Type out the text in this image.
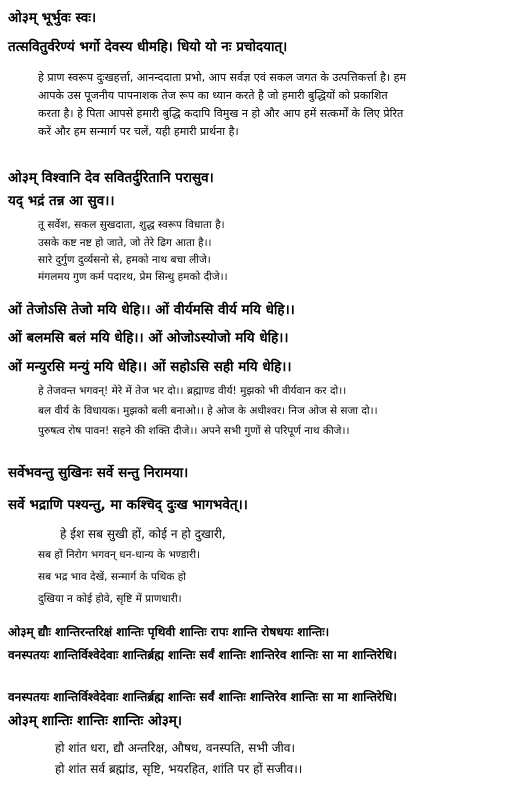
ओ३म् भूर्भुवः स्वः।
तत्सवितुर्वरेण्यं भर्गो देवस्य धीमहि। धियो यो नः प्रचोदयात्।
हे प्राण स्वरूप दुःखहर्त्ता, आनन्ददाता प्रभो, आप सर्वज्ञ एवं सकल जगत के उत्पत्तिकर्त्ता है। हम
आपके उस पूजनीय पापनाशक तेज रूप का ध्यान करते है जो हमारी बुद्धियों को प्रकाशित
करता है। हे पिता आपसे हमारी बुद्धि कदापि विमुख न हो और आप हमें सत्कर्मों के लिए प्रेरित
करें और हम सन्मार्ग पर चलें, यही हमारी प्रार्थना है।
ओ३म् विश्वानि देव सवितर्दुरितानि परासुव।
यद् भद्रं तन्न आ सुव।।
तू सर्वेश, सकल सुखदाता, शुद्ध स्वरूप विधाता है।
उसके कष्ट नष्ट हो जाते, जो तेरे ढिग आता है।।
सारे दुर्गुण दुर्व्यसनो से, हमको नाथ बचा लीजे।
मंगलमय गुण कर्म पदारथ, प्रेम सिन्धु हमको दीजे।।
ओं तेजोऽसि तेजो मयि धेहि।। ओं वीर्यमसि वीर्य मयि धेहि।।
ओं बलमसि बलं मयि धेहि।। ओं ओजोऽस्योजो मयि धेहि।।
ओं मन्युरसि मन्युं मयि धेहि।। ओं सहोऽसि सही मयि धेहि।।
हे तेजवन्त भगवन्! मेरे में तेज भर दो।। ब्रह्माण्ड वीर्य! मुझको भी वीर्यवान कर दो।।
बल वीर्य के विधायक। मुझको बली बनाओ।। हे ओज के अधीश्वर। निज ओज से सजा दो।।
पुरुषत्व रोष पावन! सहने की शक्ति दीजे।। अपने सभी गुणों से परिपूर्ण नाथ कीजे।।
सर्वेभवन्तु सुखिनः सर्वे सन्तु निरामया।
सर्वे भद्राणि पश्यन्तु, मा कश्चिद् दुःख भागभवेत्।।
हे ईश सब सुखी हों, कोई न हो दुखारी,
सब हों निरोग भगवन् धन-धान्य के भण्डारी।
सब भद्र भाव देखें, सन्मार्ग के पथिक हो
दुखिया न कोई होवे, सृष्टि में प्राणधारी।
ओ३म् द्यौः शान्तिरन्तरिक्षं शान्तिः पृथिवी शान्तिः रापः शान्ति रोषधयः शान्तिः।
वनस्पतयः शान्तिर्विश्वेदेवाः शान्तिर्ब्रह्म शान्तिः सर्वं शान्तिः शान्तिरेव शान्तिः सा मा शान्तिरेधि।
वनस्पतयः शान्तिर्विश्वेदेवाः शान्तिर्ब्रह्म शान्तिः सर्वं शान्तिः शान्तिरेव शान्तिः सा मा शान्तिरेधि।
ओ३म् शान्तिः शान्तिः शान्तिः ओ३म्।
हो शांत धरा, द्यौ अन्तरिक्ष, औषध, वनस्पति, सभी जीव।
हो शांत सर्व ब्रह्मांड, सृष्टि, भयरहित, शांति पर हों सजीव।।
